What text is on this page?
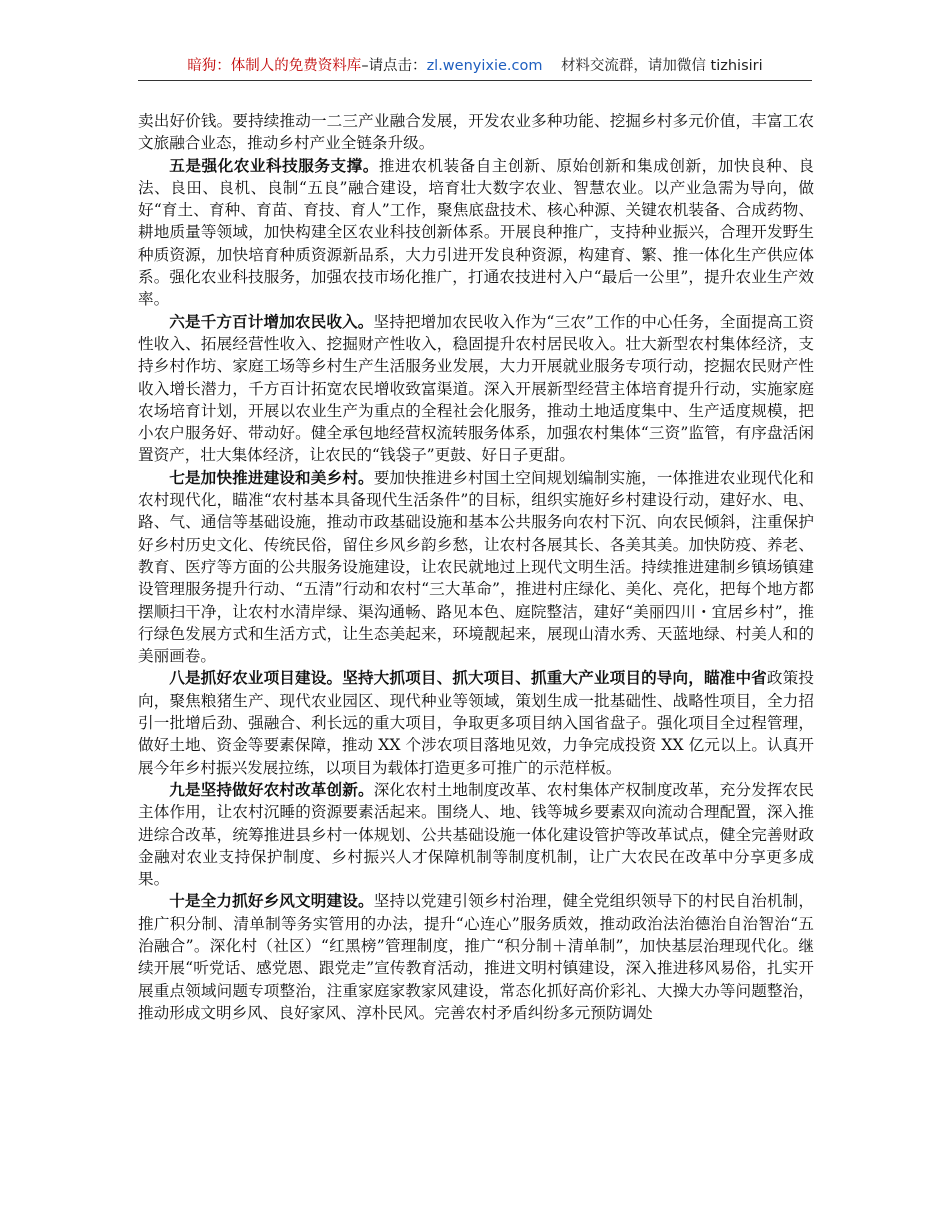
暗狗：体制人的免费资料库–请点击：zl.wenyixie.com 材料交流群，请加微信 tizhisiri

卖出好价钱。要持续推动一二三产业融合发展，开发农业多种功能、挖掘乡村多元价值，丰富工农文旅融合业态，推动乡村产业全链条升级。

五是强化农业科技服务支撑。推进农机装备自主创新、原始创新和集成创新，加快良种、良法、良田、良机、良制“五良”融合建设，培育壮大数字农业、智慧农业。以产业急需为导向，做好“育土、育种、育苗、育技、育人”工作，聚焦底盘技术、核心种源、关键农机装备、合成药物、耕地质量等领域，加快构建全区农业科技创新体系。开展良种推广，支持种业振兴，合理开发野生种质资源，加快培育种质资源新品系，大力引进开发良种资源，构建育、繁、推一体化生产供应体系。强化农业科技服务，加强农技市场化推广，打通农技进村入户“最后一公里”，提升农业生产效率。

六是千方百计增加农民收入。坚持把增加农民收入作为“三农”工作的中心任务，全面提高工资性收入、拓展经营性收入、挖掘财产性收入，稳固提升农村居民收入。壮大新型农村集体经济，支持乡村作坊、家庭工场等乡村生产生活服务业发展，大力开展就业服务专项行动，挖掘农民财产性收入增长潜力，千方百计拓宽农民增收致富渠道。深入开展新型经营主体培育提升行动，实施家庭农场培育计划，开展以农业生产为重点的全程社会化服务，推动土地适度集中、生产适度规模，把小农户服务好、带动好。健全承包地经营权流转服务体系，加强农村集体“三资”监管，有序盘活闲置资产，壮大集体经济，让农民的“钱袋子”更鼓、好日子更甜。

七是加快推进建设和美乡村。要加快推进乡村国土空间规划编制实施，一体推进农业现代化和农村现代化，瞄准“农村基本具备现代生活条件”的目标，组织实施好乡村建设行动，建好水、电、路、气、通信等基础设施，推动市政基础设施和基本公共服务向农村下沉、向农民倾斜，注重保护好乡村历史文化、传统民俗，留住乡风乡韵乡愁，让农村各展其长、各美其美。加快防疫、养老、教育、医疗等方面的公共服务设施建设，让农民就地过上现代文明生活。持续推进建制乡镇场镇建设管理服务提升行动、“五清”行动和农村“三大革命”，推进村庄绿化、美化、亮化，把每个地方都摆顺扫干净，让农村水清岸绿、渠沟通畅、路见本色、庭院整洁，建好“美丽四川・宜居乡村”，推行绿色发展方式和生活方式，让生态美起来，环境靓起来，展现山清水秀、天蓝地绿、村美人和的美丽画卷。

八是抓好农业项目建设。坚持大抓项目、抓大项目、抓重大产业项目的导向，瞄准中省政策投向，聚焦粮猪生产、现代农业园区、现代种业等领域，策划生成一批基础性、战略性项目，全力招引一批增后劲、强融合、利长远的重大项目，争取更多项目纳入国省盘子。强化项目全过程管理，做好土地、资金等要素保障，推动 XX 个涉农项目落地见效，力争完成投资 XX 亿元以上。认真开展今年乡村振兴发展拉练，以项目为载体打造更多可推广的示范样板。

九是坚持做好农村改革创新。深化农村土地制度改革、农村集体产权制度改革，充分发挥农民主体作用，让农村沉睡的资源要素活起来。围绕人、地、钱等城乡要素双向流动合理配置，深入推进综合改革，统筹推进县乡村一体规划、公共基础设施一体化建设管护等改革试点，健全完善财政金融对农业支持保护制度、乡村振兴人才保障机制等制度机制，让广大农民在改革中分享更多成果。

十是全力抓好乡风文明建设。坚持以党建引领乡村治理，健全党组织领导下的村民自治机制，推广积分制、清单制等务实管用的办法，提升“心连心”服务质效，推动政治法治德治自治智治“五治融合”。深化村（社区）“红黑榜”管理制度，推广“积分制＋清单制”，加快基层治理现代化。继续开展“听党话、感党恩、跟党走”宣传教育活动，推进文明村镇建设，深入推进移风易俗，扎实开展重点领域问题专项整治，注重家庭家教家风建设，常态化抓好高价彩礼、大操大办等问题整治，推动形成文明乡风、良好家风、淳朴民风。完善农村矛盾纠纷多元预防调处
